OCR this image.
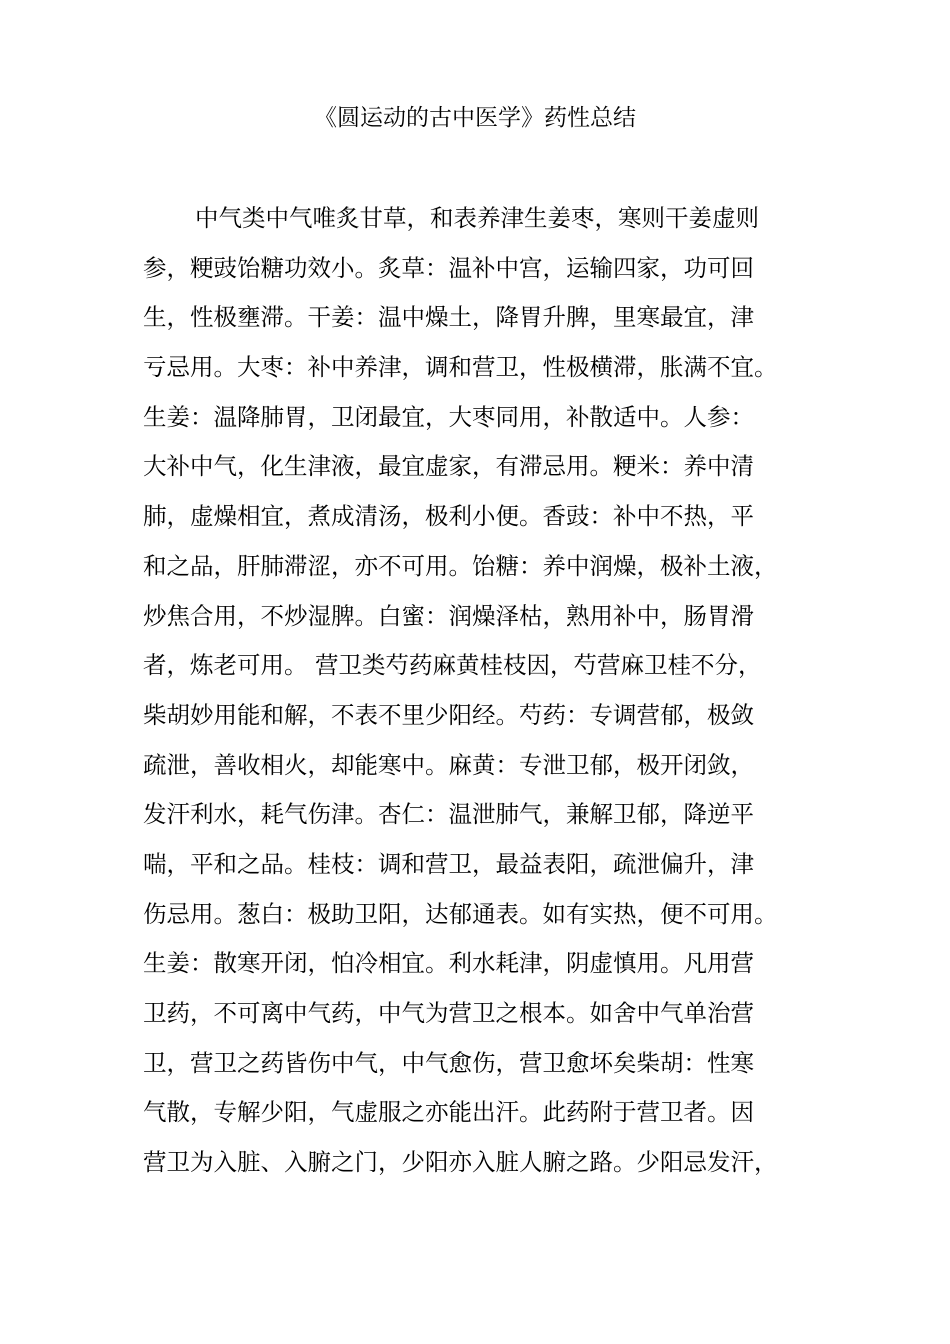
《圆运动的古中医学》药性总结
中气类中气唯炙甘草，和表养津生姜枣，寒则干姜虚则
参，粳豉饴糖功效小。炙草：温补中宫，运输四家，功可回
生，性极壅滞。干姜：温中燥土，降胃升脾，里寒最宜，津
亏忌用。大枣：补中养津，调和营卫，性极横滞，胀满不宜。
生姜：温降肺胃，卫闭最宜，大枣同用，补散适中。人参：
大补中气，化生津液，最宜虚家，有滞忌用。粳米：养中清
肺，虚燥相宜，煮成清汤，极利小便。香豉：补中不热，平
和之品，肝肺滞涩，亦不可用。饴糖：养中润燥，极补土液，
炒焦合用，不炒湿脾。白蜜：润燥泽枯，熟用补中，肠胃滑
者，炼老可用。 营卫类芍药麻黄桂枝因，芍营麻卫桂不分，
柴胡妙用能和解，不表不里少阳经。芍药：专调营郁，极敛
疏泄，善收相火，却能寒中。麻黄：专泄卫郁，极开闭敛，
发汗利水，耗气伤津。杏仁：温泄肺气，兼解卫郁，降逆平
喘，平和之品。桂枝：调和营卫，最益表阳，疏泄偏升，津
伤忌用。葱白：极助卫阳，达郁通表。如有实热，便不可用。
生姜：散寒开闭，怕冷相宜。利水耗津，阴虚慎用。凡用营
卫药，不可离中气药，中气为营卫之根本。如舍中气单治营
卫，营卫之药皆伤中气，中气愈伤，营卫愈坏矣柴胡：性寒
气散，专解少阳，气虚服之亦能出汗。此药附于营卫者。因
营卫为入脏、入腑之门，少阳亦入脏人腑之路。少阳忌发汗，
